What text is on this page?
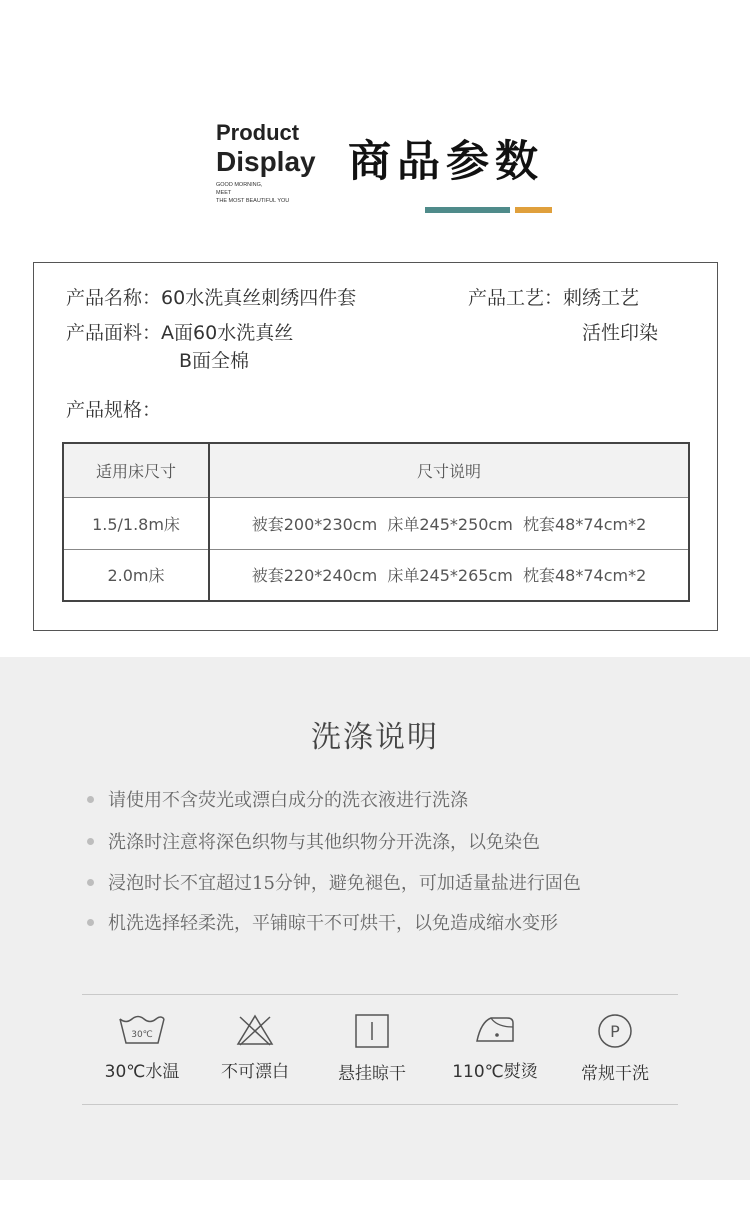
Product
Display
GOOD MORNING,
MEET
THE MOST BEAUTIFUL YOU
商品参数
产品名称：60水洗真丝刺绣四件套	产品工艺：刺绣工艺
活性印染
产品面料：A面60水洗真丝
B面全棉
产品规格：
适用床尺寸	尺寸说明
1.5/1.8m床	被套200*230cm  床单245*250cm  枕套48*74cm*2
2.0m床	被套220*240cm  床单245*265cm  枕套48*74cm*2
洗涤说明
请使用不含荧光或漂白成分的洗衣液进行洗涤
洗涤时注意将深色织物与其他织物分开洗涤，以免染色
浸泡时长不宜超过15分钟，避免褪色，可加适量盐进行固色
机洗选择轻柔洗，平铺晾干不可烘干，以免造成缩水变形
30℃
30℃水温	不可漂白	悬挂晾干	110℃熨烫
P
常规干洗
